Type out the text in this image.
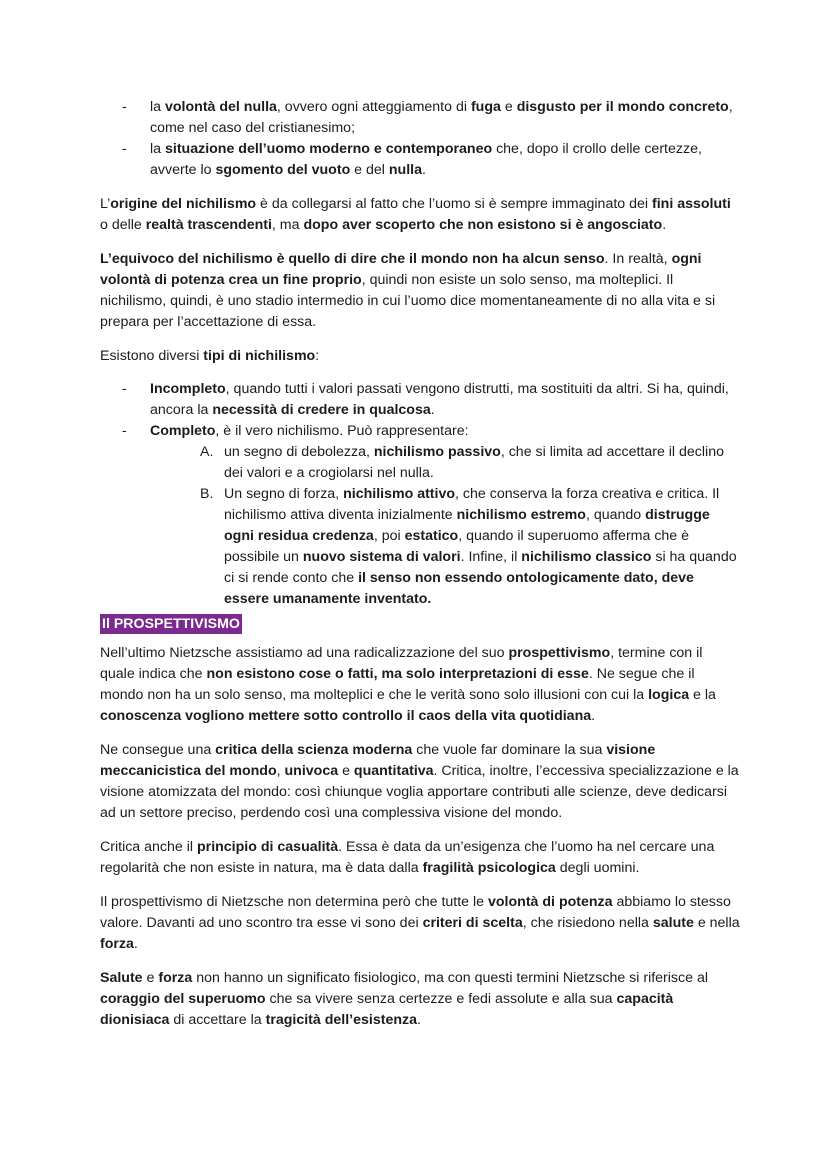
- la volontà del nulla, ovvero ogni atteggiamento di fuga e disgusto per il mondo concreto, come nel caso del cristianesimo;
- la situazione dell’uomo moderno e contemporaneo che, dopo il crollo delle certezze, avverte lo sgomento del vuoto e del nulla.

L’origine del nichilismo è da collegarsi al fatto che l’uomo si è sempre immaginato dei fini assoluti o delle realtà trascendenti, ma dopo aver scoperto che non esistono si è angosciato.

L’equivoco del nichilismo è quello di dire che il mondo non ha alcun senso. In realtà, ogni volontà di potenza crea un fine proprio, quindi non esiste un solo senso, ma molteplici. Il nichilismo, quindi, è uno stadio intermedio in cui l’uomo dice momentaneamente di no alla vita e si prepara per l’accettazione di essa.

Esistono diversi tipi di nichilismo:

- Incompleto, quando tutti i valori passati vengono distrutti, ma sostituiti da altri. Si ha, quindi, ancora la necessità di credere in qualcosa.
- Completo, è il vero nichilismo. Può rappresentare:
A. un segno di debolezza, nichilismo passivo, che si limita ad accettare il declino dei valori e a crogiolarsi nel nulla.
B. Un segno di forza, nichilismo attivo, che conserva la forza creativa e critica. Il nichilismo attiva diventa inizialmente nichilismo estremo, quando distrugge ogni residua credenza, poi estatico, quando il superuomo afferma che è possibile un nuovo sistema di valori. Infine, il nichilismo classico si ha quando ci si rende conto che il senso non essendo ontologicamente dato, deve essere umanamente inventato.
Il PROSPETTIVISMO

Nell’ultimo Nietzsche assistiamo ad una radicalizzazione del suo prospettivismo, termine con il quale indica che non esistono cose o fatti, ma solo interpretazioni di esse. Ne segue che il mondo non ha un solo senso, ma molteplici e che le verità sono solo illusioni con cui la logica e la conoscenza vogliono mettere sotto controllo il caos della vita quotidiana.

Ne consegue una critica della scienza moderna che vuole far dominare la sua visione meccanicistica del mondo, univoca e quantitativa. Critica, inoltre, l’eccessiva specializzazione e la visione atomizzata del mondo: così chiunque voglia apportare contributi alle scienze, deve dedicarsi ad un settore preciso, perdendo così una complessiva visione del mondo.

Critica anche il principio di casualità. Essa è data da un’esigenza che l’uomo ha nel cercare una regolarità che non esiste in natura, ma è data dalla fragilità psicologica degli uomini.

Il prospettivismo di Nietzsche non determina però che tutte le volontà di potenza abbiamo lo stesso valore. Davanti ad uno scontro tra esse vi sono dei criteri di scelta, che risiedono nella salute e nella forza.

Salute e forza non hanno un significato fisiologico, ma con questi termini Nietzsche si riferisce al coraggio del superuomo che sa vivere senza certezze e fedi assolute e alla sua capacità dionisiaca di accettare la tragicità dell’esistenza.
